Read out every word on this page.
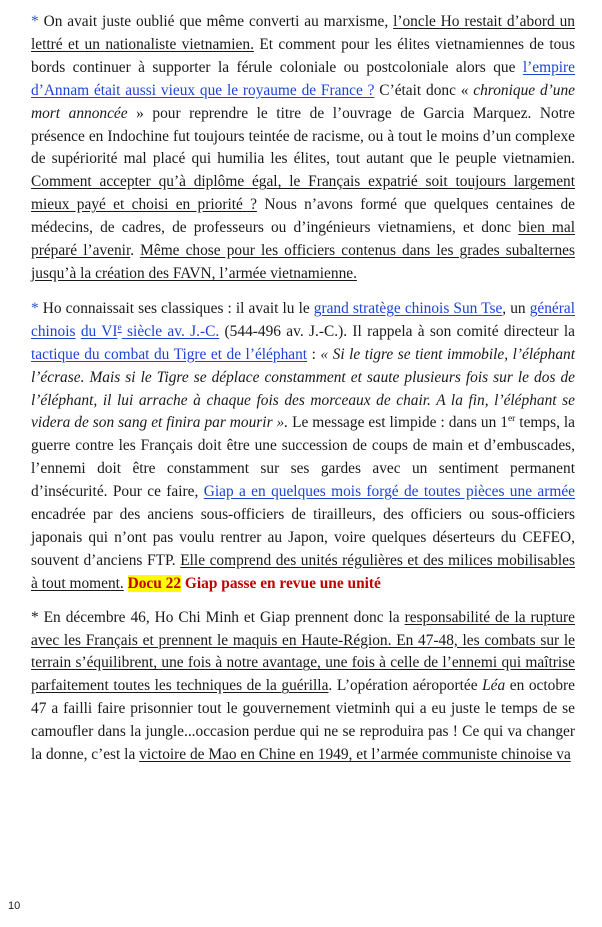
* On avait juste oublié que même converti au marxisme, l’oncle Ho restait d’abord un lettré et un nationaliste vietnamien. Et comment pour les élites vietnamiennes de tous bords continuer à supporter la férule coloniale ou postcoloniale alors que l’empire d’Annam était aussi vieux que le royaume de France ? C’était donc « chronique d’une mort annoncée » pour reprendre le titre de l’ouvrage de Garcia Marquez. Notre présence en Indochine fut toujours teintée de racisme, ou à tout le moins d’un complexe de supériorité mal placé qui humilia les élites, tout autant que le peuple vietnamien. Comment accepter qu’à diplôme égal, le Français expatrié soit toujours largement mieux payé et choisi en priorité ? Nous n’avons formé que quelques centaines de médecins, de cadres, de professeurs ou d’ingénieurs vietnamiens, et donc bien mal préparé l’avenir. Même chose pour les officiers contenus dans les grades subalternes jusqu’à la création des FAVN, l’armée vietnamienne.

* Ho connaissait ses classiques : il avait lu le grand stratège chinois Sun Tse, un général chinois du VIe siècle av. J.-C. (544-496 av. J.-C.). Il rappela à son comité directeur la tactique du combat du Tigre et de l’éléphant : « Si le tigre se tient immobile, l’éléphant l’écrase. Mais si le Tigre se déplace constamment et saute plusieurs fois sur le dos de l’éléphant, il lui arrache à chaque fois des morceaux de chair. A la fin, l’éléphant se videra de son sang et finira par mourir ». Le message est limpide : dans un 1er temps, la guerre contre les Français doit être une succession de coups de main et d’embuscades, l’ennemi doit être constamment sur ses gardes avec un sentiment permanent d’insécurité. Pour ce faire, Giap a en quelques mois forgé de toutes pièces une armée encadrée par des anciens sous-officiers de tirailleurs, des officiers ou sous-officiers japonais qui n’ont pas voulu rentrer au Japon, voire quelques déserteurs du CEFEO, souvent d’anciens FTP. Elle comprend des unités régulières et des milices mobilisables à tout moment. Docu 22 Giap passe en revue une unité

* En décembre 46, Ho Chi Minh et Giap prennent donc la responsabilité de la rupture avec les Français et prennent le maquis en Haute-Région. En 47-48, les combats sur le terrain s’équilibrent, une fois à notre avantage, une fois à celle de l’ennemi qui maîtrise parfaitement toutes les techniques de la guérilla. L’opération aéroportée Léa en octobre 47 a failli faire prisonnier tout le gouvernement vietminh qui a eu juste le temps de se camoufler dans la jungle...occasion perdue qui ne se reproduira pas ! Ce qui va changer la donne, c’est la victoire de Mao en Chine en 1949, et l’armée communiste chinoise va

10
